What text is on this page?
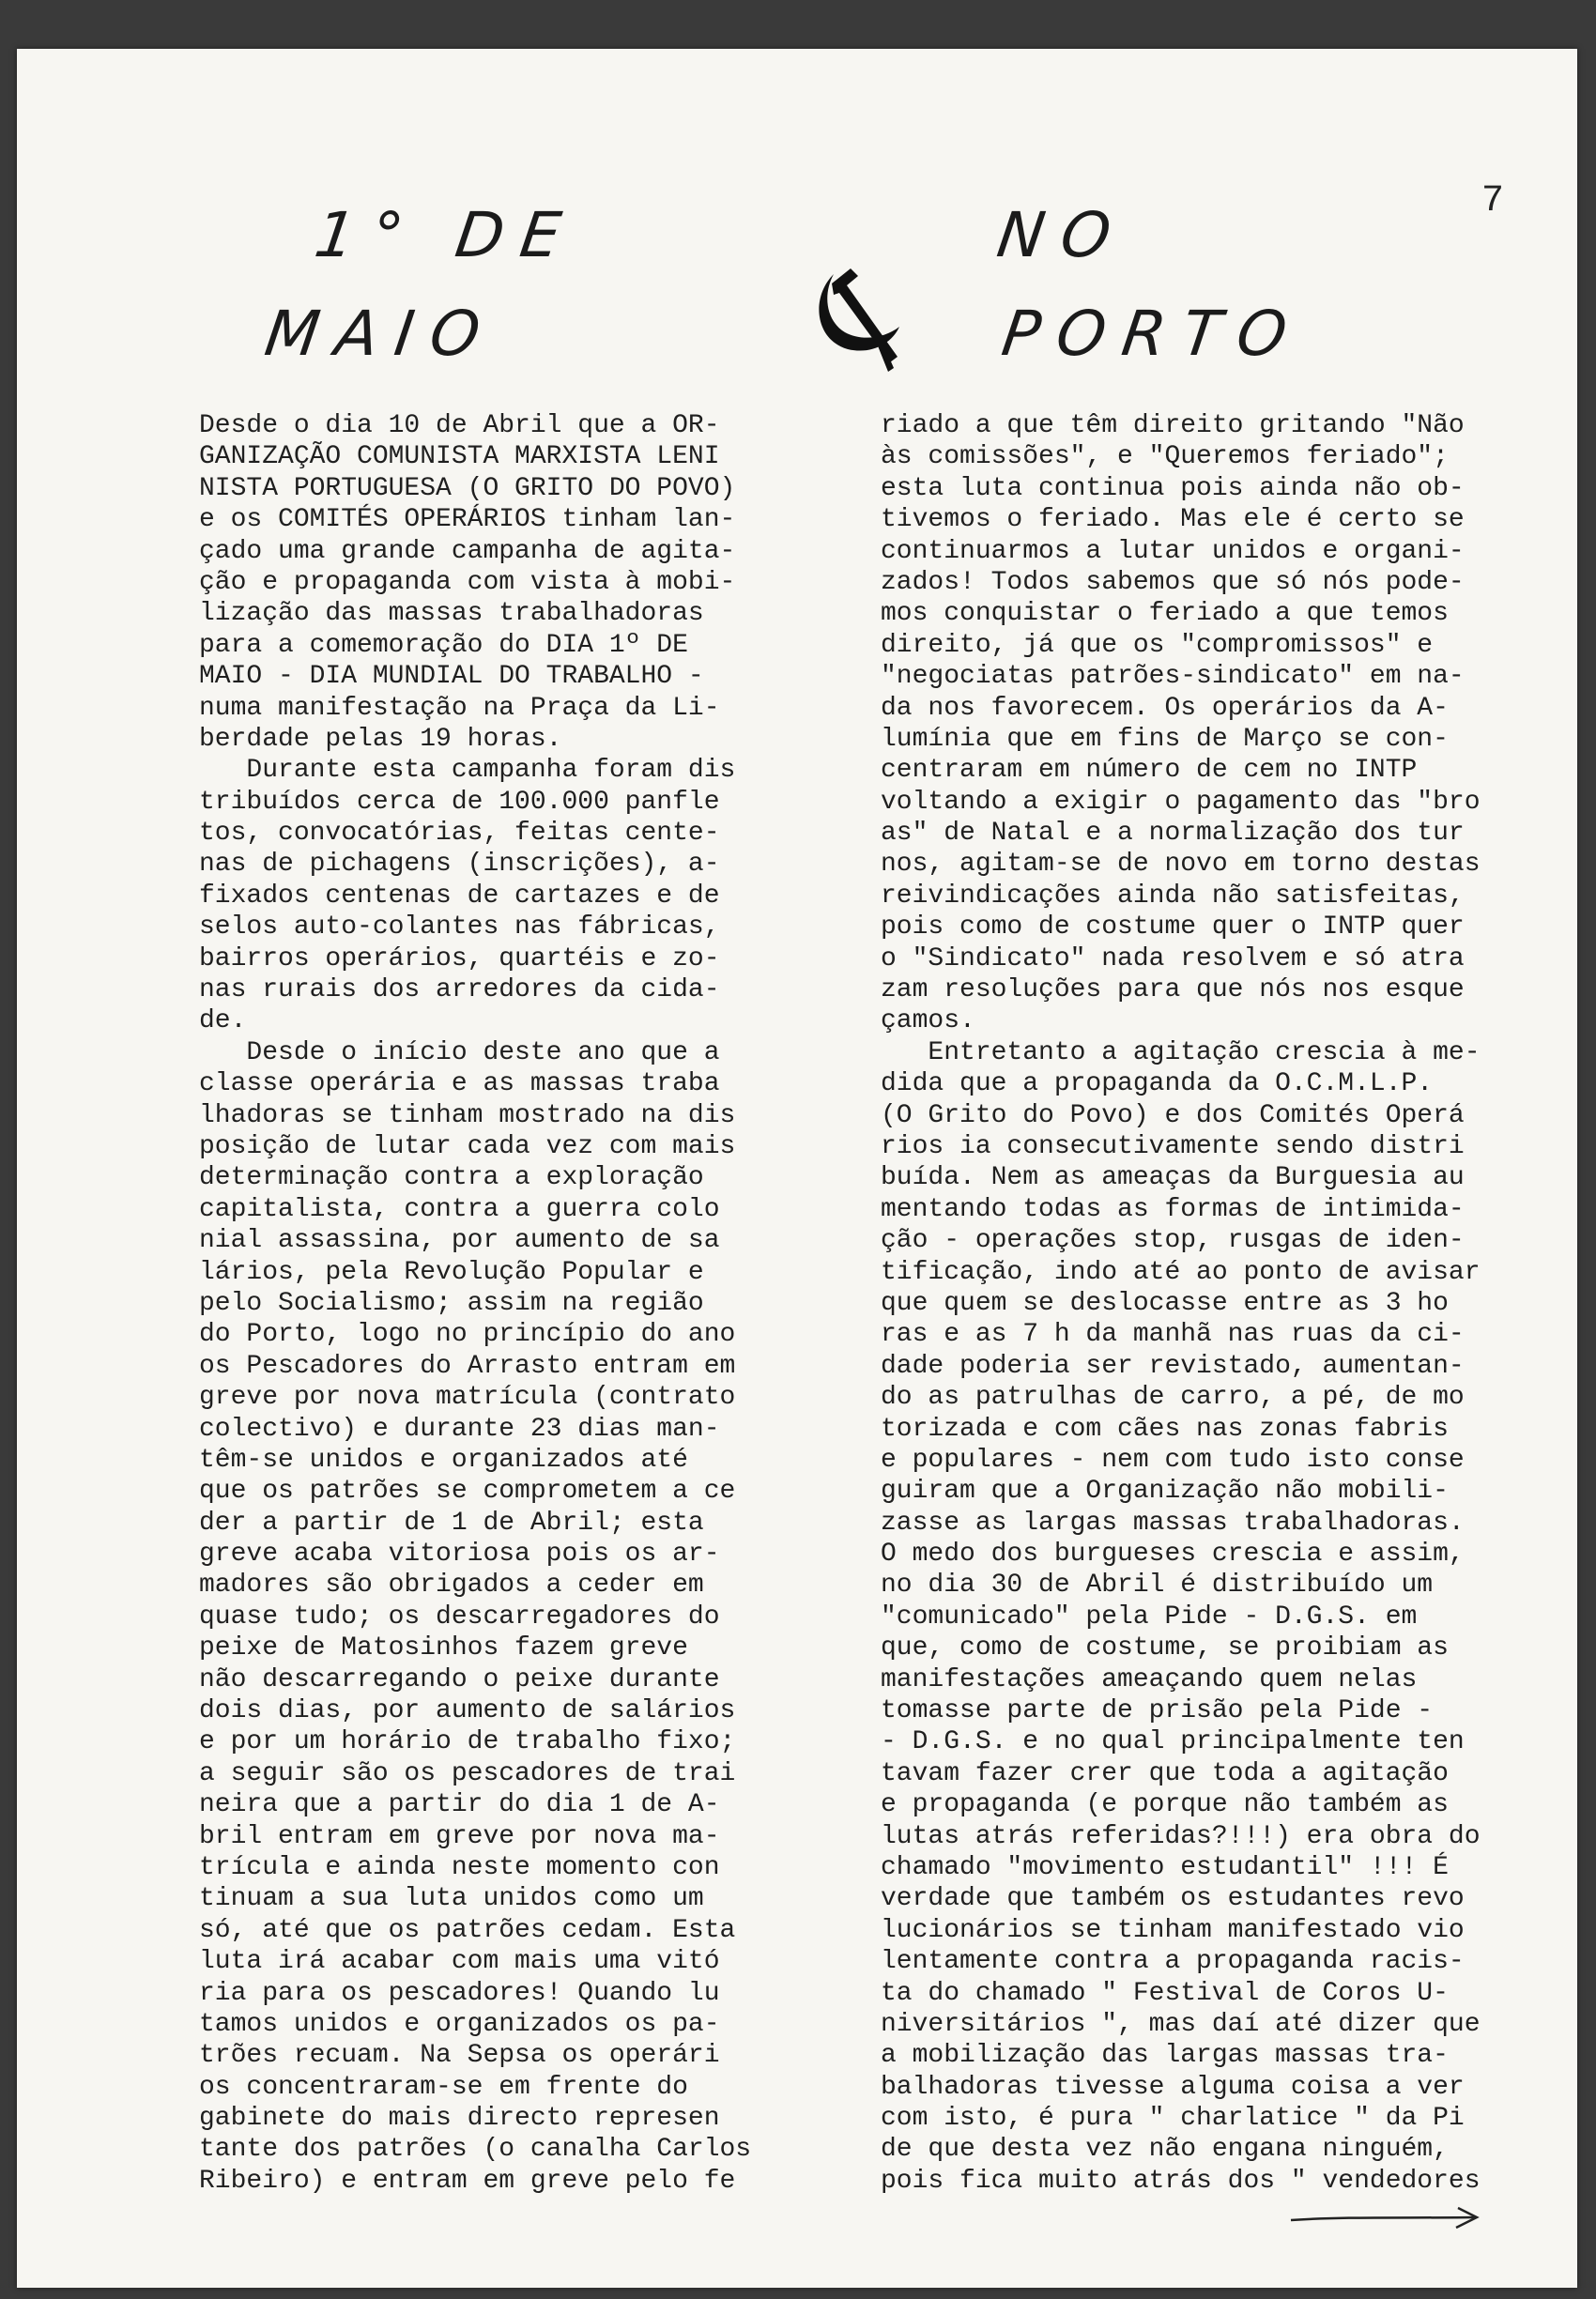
7
1° DE
MAIO
NO
PORTO
Desde o dia 10 de Abril que a OR-
GANIZAÇÃO COMUNISTA MARXISTA LENI
NISTA PORTUGUESA (O GRITO DO POVO)
e os COMITÉS OPERÁRIOS tinham lan-
çado uma grande campanha de agita-
ção e propaganda com vista à mobi-
lização das massas trabalhadoras
para a comemoração do DIA 1º DE
MAIO - DIA MUNDIAL DO TRABALHO -
numa manifestação na Praça da Li-
berdade pelas 19 horas.
Durante esta campanha foram dis
tribuídos cerca de 100.000 panfle
tos, convocatórias, feitas cente-
nas de pichagens (inscrições), a-
fixados centenas de cartazes e de
selos auto-colantes nas fábricas,
bairros operários, quartéis e zo-
nas rurais dos arredores da cida-
de.
Desde o início deste ano que a
classe operária e as massas traba
lhadoras se tinham mostrado na dis
posição de lutar cada vez com mais
determinação contra a exploração
capitalista, contra a guerra colo
nial assassina, por aumento de sa
lários, pela Revolução Popular e
pelo Socialismo; assim na região
do Porto, logo no princípio do ano
os Pescadores do Arrasto entram em
greve por nova matrícula (contrato
colectivo) e durante 23 dias man-
têm-se unidos e organizados até
que os patrões se comprometem a ce
der a partir de 1 de Abril; esta
greve acaba vitoriosa pois os ar-
madores são obrigados a ceder em
quase tudo; os descarregadores do
peixe de Matosinhos fazem greve
não descarregando o peixe durante
dois dias, por aumento de salários
e por um horário de trabalho fixo;
a seguir são os pescadores de trai
neira que a partir do dia 1 de A-
bril entram em greve por nova ma-
trícula e ainda neste momento con
tinuam a sua luta unidos como um
só, até que os patrões cedam. Esta
luta irá acabar com mais uma vitó
ria para os pescadores! Quando lu
tamos unidos e organizados os pa-
trões recuam. Na Sepsa os operári
os concentraram-se em frente do
gabinete do mais directo represen
tante dos patrões (o canalha Carlos
Ribeiro) e entram em greve pelo fe
riado a que têm direito gritando "Não
às comissões", e "Queremos feriado";
esta luta continua pois ainda não ob-
tivemos o feriado. Mas ele é certo se
continuarmos a lutar unidos e organi-
zados! Todos sabemos que só nós pode-
mos conquistar o feriado a que temos
direito, já que os "compromissos" e
"negociatas patrões-sindicato" em na-
da nos favorecem. Os operários da A-
lumínia que em fins de Março se con-
centraram em número de cem no INTP
voltando a exigir o pagamento das "bro
as" de Natal e a normalização dos tur
nos, agitam-se de novo em torno destas
reivindicações ainda não satisfeitas,
pois como de costume quer o INTP quer
o "Sindicato" nada resolvem e só atra
zam resoluções para que nós nos esque
çamos.
Entretanto a agitação crescia à me-
dida que a propaganda da O.C.M.L.P.
(O Grito do Povo) e dos Comités Operá
rios ia consecutivamente sendo distri
buída. Nem as ameaças da Burguesia au
mentando todas as formas de intimida-
ção - operações stop, rusgas de iden-
tificação, indo até ao ponto de avisar
que quem se deslocasse entre as 3 ho
ras e as 7 h da manhã nas ruas da ci-
dade poderia ser revistado, aumentan-
do as patrulhas de carro, a pé, de mo
torizada e com cães nas zonas fabris
e populares - nem com tudo isto conse
guiram que a Organização não mobili-
zasse as largas massas trabalhadoras.
O medo dos burgueses crescia e assim,
no dia 30 de Abril é distribuído um
"comunicado" pela Pide - D.G.S. em
que, como de costume, se proibiam as
manifestações ameaçando quem nelas
tomasse parte de prisão pela Pide -
- D.G.S. e no qual principalmente ten
tavam fazer crer que toda a agitação
e propaganda (e porque não também as
lutas atrás referidas?!!!) era obra do
chamado "movimento estudantil" !!! É
verdade que também os estudantes revo
lucionários se tinham manifestado vio
lentamente contra a propaganda racis-
ta do chamado " Festival de Coros U-
niversitários ", mas daí até dizer que
a mobilização das largas massas tra-
balhadoras tivesse alguma coisa a ver
com isto, é pura " charlatice " da Pi
de que desta vez não engana ninguém,
pois fica muito atrás dos " vendedores
